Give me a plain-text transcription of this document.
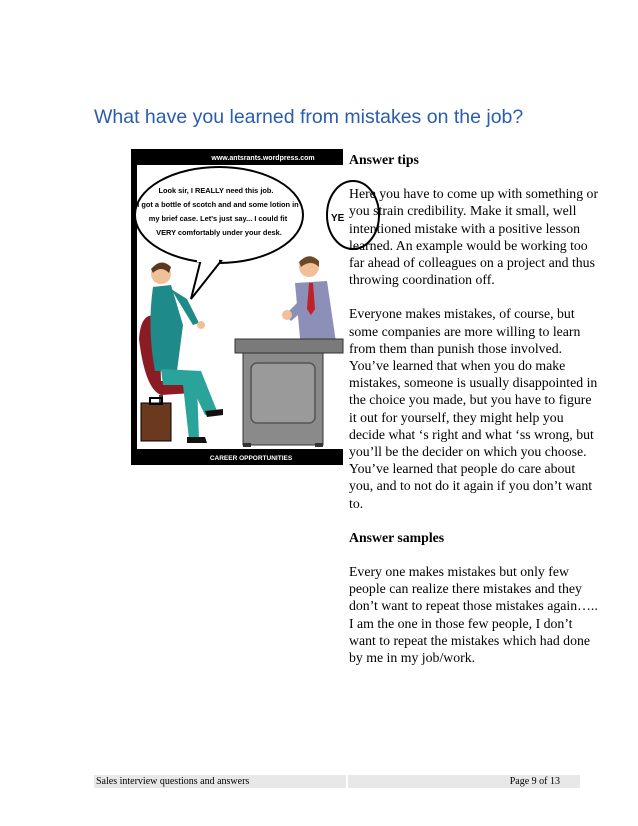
What have you learned from mistakes on the job?
www.antsrants.wordpress.com
Look sir, I REALLY need this job. I got a bottle of scotch and and some lotion in my brief case. Let's just say... I could fit VERY comfortably under your desk.
YE
CAREER OPPORTUNITIES

Answer tips

Here you have to come up with something or you strain credibility. Make it small, well intentioned mistake with a positive lesson learned. An example would be working too far ahead of colleagues on a project and thus throwing coordination off.

Everyone makes mistakes, of course, but some companies are more willing to learn from them than punish those involved. You’ve learned that when you do make mistakes, someone is usually disappointed in the choice you made, but you have to figure it out for yourself, they might help you decide what ‘s right and what ‘ss wrong, but you’ll be the decider on which you choose. You’ve learned that people do care about you, and to not do it again if you don’t want to.

Answer samples

Every one makes mistakes but only few people can realize there mistakes and they don’t want to repeat those mistakes again….. I am the one in those few people, I don’t want to repeat the mistakes which had done by me in my job/work.

Sales interview questions and answers	Page 9 of 13
